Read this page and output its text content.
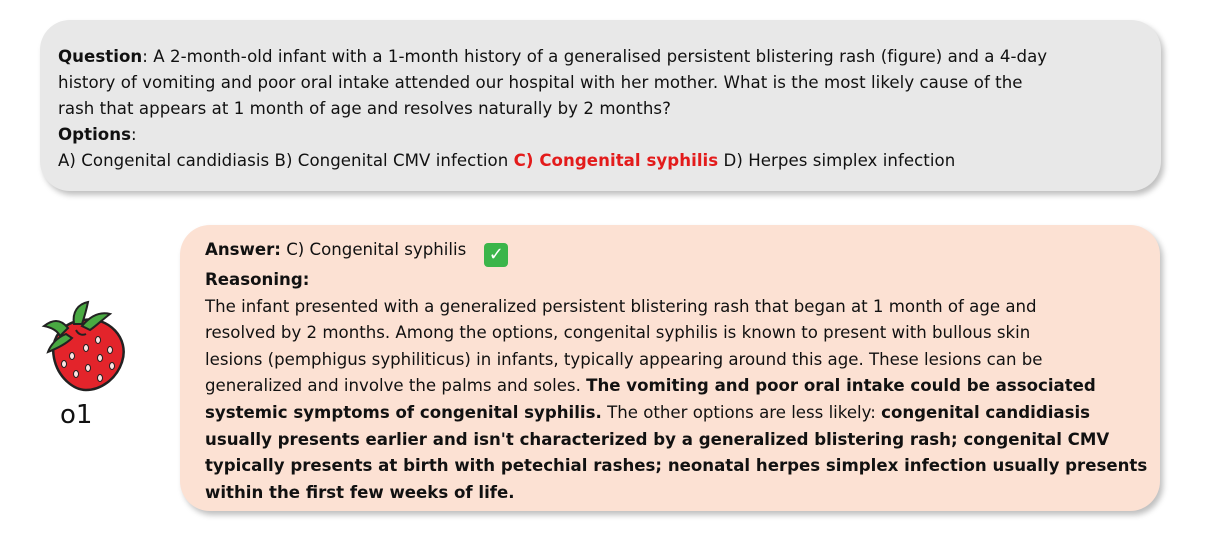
Question: A 2-month-old infant with a 1-month history of a generalised persistent blistering rash (figure) and a 4-day
history of vomiting and poor oral intake attended our hospital with her mother. What is the most likely cause of the
rash that appears at 1 month of age and resolves naturally by 2 months?
Options:
A) Congenital candidiasis B) Congenital CMV infection C) Congenital syphilis D) Herpes simplex infection
o1
Answer: C) Congenital syphilis ✓
Reasoning:
The infant presented with a generalized persistent blistering rash that began at 1 month of age and
resolved by 2 months. Among the options, congenital syphilis is known to present with bullous skin
lesions (pemphigus syphiliticus) in infants, typically appearing around this age. These lesions can be
generalized and involve the palms and soles. The vomiting and poor oral intake could be associated
systemic symptoms of congenital syphilis. The other options are less likely: congenital candidiasis
usually presents earlier and isn't characterized by a generalized blistering rash; congenital CMV
typically presents at birth with petechial rashes; neonatal herpes simplex infection usually presents
within the first few weeks of life.
